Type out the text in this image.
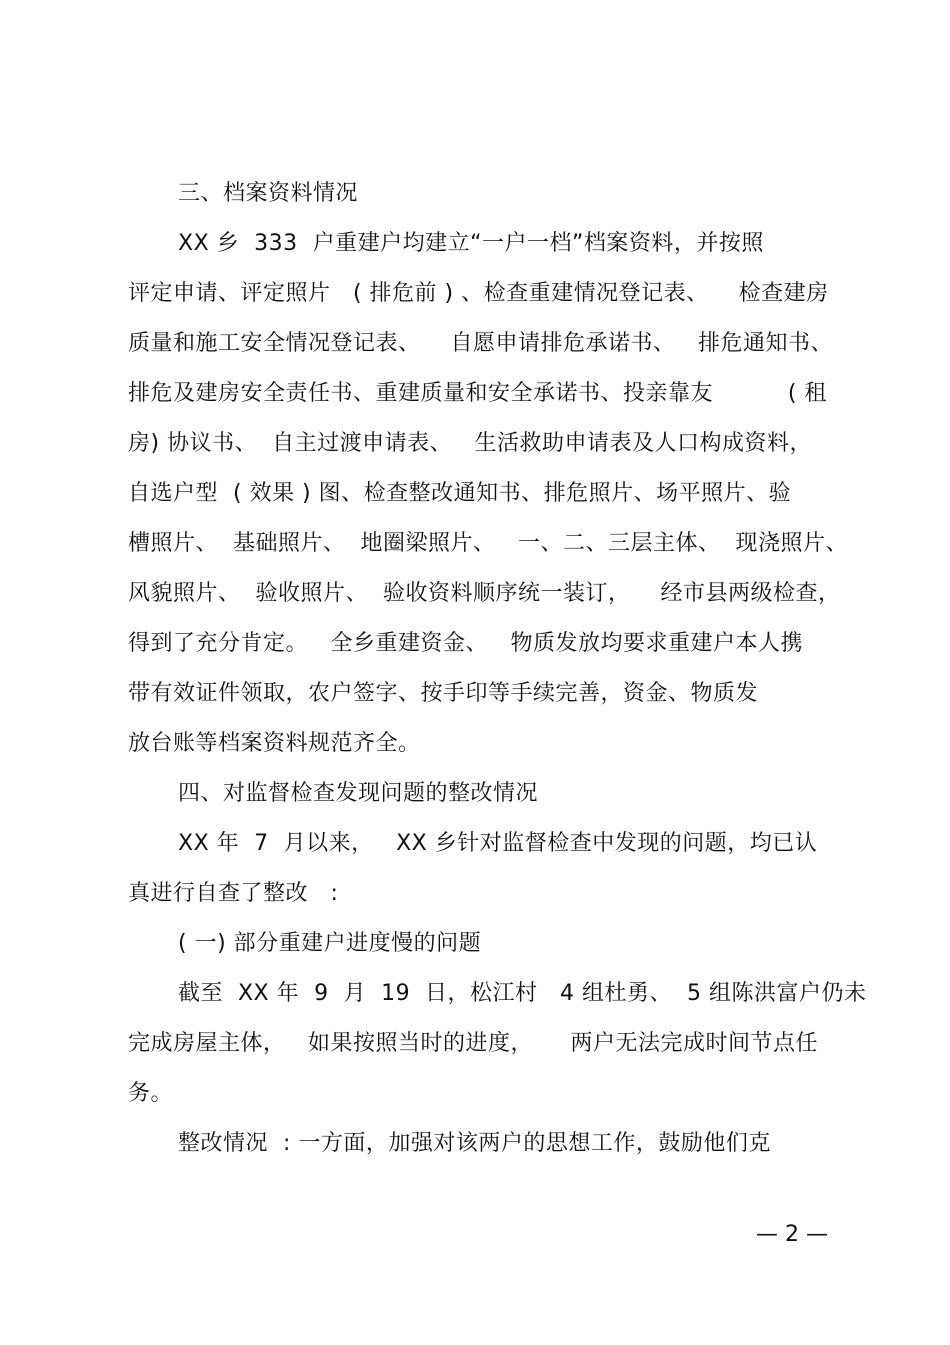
三、档案资料情况
XX 乡  333  户重建户均建立“一户一档”档案资料，并按照
评定申请、评定照片   ( 排危前 ) 、检查重建情况登记表、    检查建房
质量和施工安全情况登记表、    自愿申请排危承诺书、   排危通知书、
排危及建房安全责任书、重建质量和安全承诺书、投亲靠友          ( 租
房) 协议书、  自主过渡申请表、   生活救助申请表及人口构成资料，
自选户型  ( 效果 ) 图、检查整改通知书、排危照片、场平照片、验
槽照片、  基础照片、  地圈梁照片、   一、二、三层主体、  现浇照片、
风貌照片、  验收照片、  验收资料顺序统一装订，    经市县两级检查，
得到了充分肯定。   全乡重建资金、   物质发放均要求重建户本人携
带有效证件领取，农户签字、按手印等手续完善，资金、物质发
放台账等档案资料规范齐全。
四、对监督检查发现问题的整改情况
XX 年  7  月以来，   XX 乡针对监督检查中发现的问题，均已认
真进行自查了整改   :
( 一) 部分重建户进度慢的问题
截至  XX 年  9  月  19  日，松江村   4 组杜勇、  5 组陈洪富户仍未
完成房屋主体，   如果按照当时的进度，     两户无法完成时间节点任
务。
整改情况  : 一方面，加强对该两户的思想工作，鼓励他们克
— 2 —
